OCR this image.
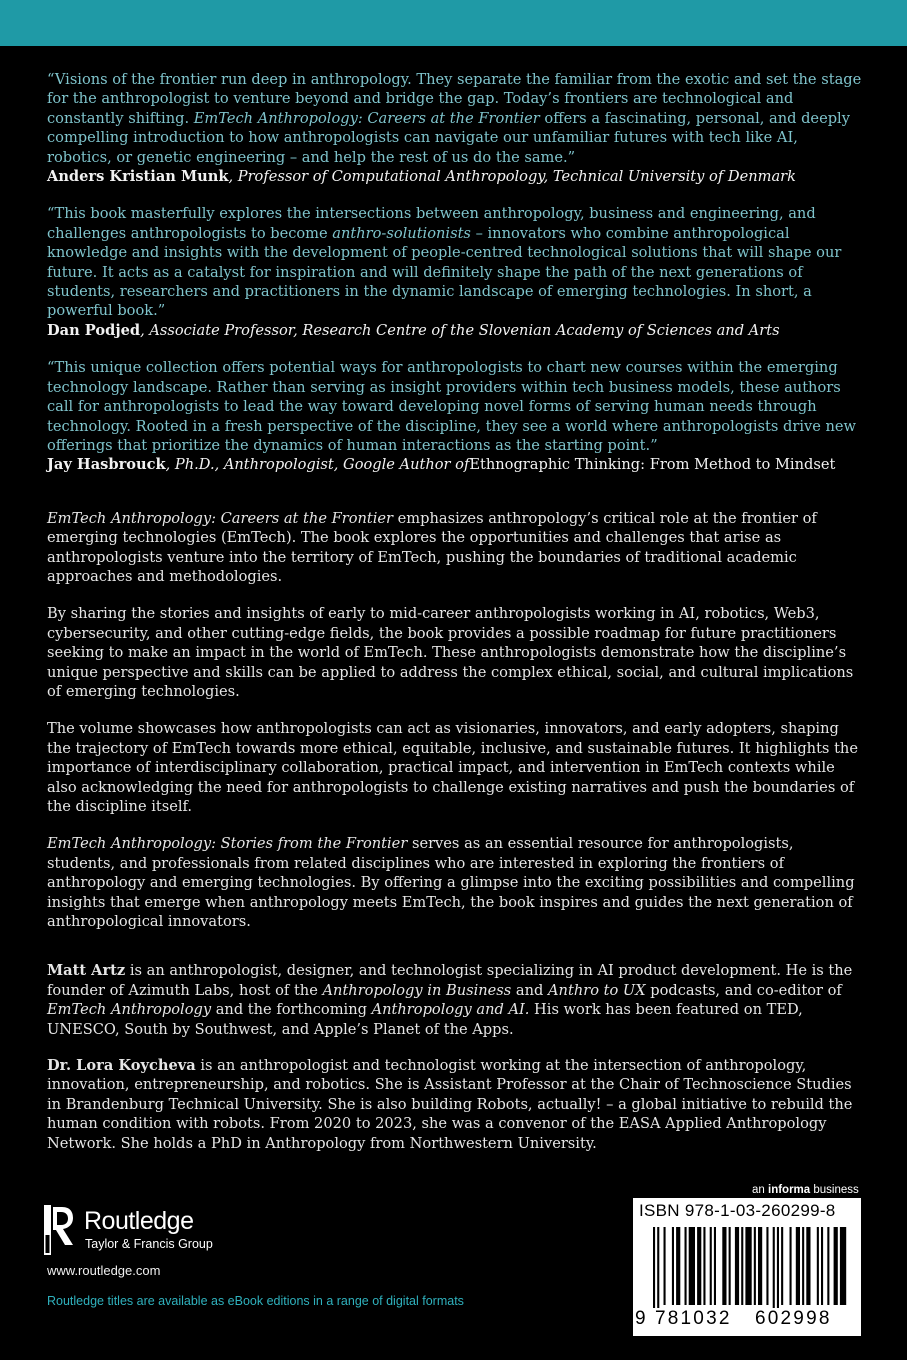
“Visions of the frontier run deep in anthropology. They separate the familiar from the exotic and set the stage for the anthropologist to venture beyond and bridge the gap. Today’s frontiers are technological and constantly shifting. EmTech Anthropology: Careers at the Frontier offers a fascinating, personal, and deeply compelling introduction to how anthropologists can navigate our unfamiliar futures with tech like AI, robotics, or genetic engineering – and help the rest of us do the same.”

Anders Kristian Munk, Professor of Computational Anthropology, Technical University of Denmark

“This book masterfully explores the intersections between anthropology, business and engineering, and challenges anthropologists to become anthro-solutionists – innovators who combine anthropological knowledge and insights with the development of people-centred technological solutions that will shape our future. It acts as a catalyst for inspiration and will definitely shape the path of the next generations of students, researchers and practitioners in the dynamic landscape of emerging technologies. In short, a powerful book.”

Dan Podjed, Associate Professor, Research Centre of the Slovenian Academy of Sciences and Arts

“This unique collection offers potential ways for anthropologists to chart new courses within the emerging technology landscape. Rather than serving as insight providers within tech business models, these authors call for anthropologists to lead the way toward developing novel forms of serving human needs through technology. Rooted in a fresh perspective of the discipline, they see a world where anthropologists drive new offerings that prioritize the dynamics of human interactions as the starting point.”

Jay Hasbrouck, Ph.D., Anthropologist, Google Author ofEthnographic Thinking: From Method to Mindset

EmTech Anthropology: Careers at the Frontier emphasizes anthropology’s critical role at the frontier of emerging technologies (EmTech). The book explores the opportunities and challenges that arise as anthropologists venture into the territory of EmTech, pushing the boundaries of traditional academic approaches and methodologies.

By sharing the stories and insights of early to mid-career anthropologists working in AI, robotics, Web3, cybersecurity, and other cutting-edge fields, the book provides a possible roadmap for future practitioners seeking to make an impact in the world of EmTech. These anthropologists demonstrate how the discipline’s unique perspective and skills can be applied to address the complex ethical, social, and cultural implications of emerging technologies.

The volume showcases how anthropologists can act as visionaries, innovators, and early adopters, shaping the trajectory of EmTech towards more ethical, equitable, inclusive, and sustainable futures. It highlights the importance of interdisciplinary collaboration, practical impact, and intervention in EmTech contexts while also acknowledging the need for anthropologists to challenge existing narratives and push the boundaries of the discipline itself.

EmTech Anthropology: Stories from the Frontier serves as an essential resource for anthropologists, students, and professionals from related disciplines who are interested in exploring the frontiers of anthropology and emerging technologies. By offering a glimpse into the exciting possibilities and compelling insights that emerge when anthropology meets EmTech, the book inspires and guides the next generation of anthropological innovators.

Matt Artz is an anthropologist, designer, and technologist specializing in AI product development. He is the founder of Azimuth Labs, host of the Anthropology in Business and Anthro to UX podcasts, and co-editor of EmTech Anthropology and the forthcoming Anthropology and AI. His work has been featured on TED, UNESCO, South by Southwest, and Apple’s Planet of the Apps.

Dr. Lora Koycheva is an anthropologist and technologist working at the intersection of anthropology, innovation, entrepreneurship, and robotics. She is Assistant Professor at the Chair of Technoscience Studies in Brandenburg Technical University. She is also building Robots, actually! – a global initiative to rebuild the human condition with robots. From 2020 to 2023, she was a convenor of the EASA Applied Anthropology Network. She holds a PhD in Anthropology from Northwestern University.

Routledge
Taylor & Francis Group
www.routledge.com
Routledge titles are available as eBook editions in a range of digital formats
an informa business
ISBN 978-1-03-260299-8
9 781032 602998
